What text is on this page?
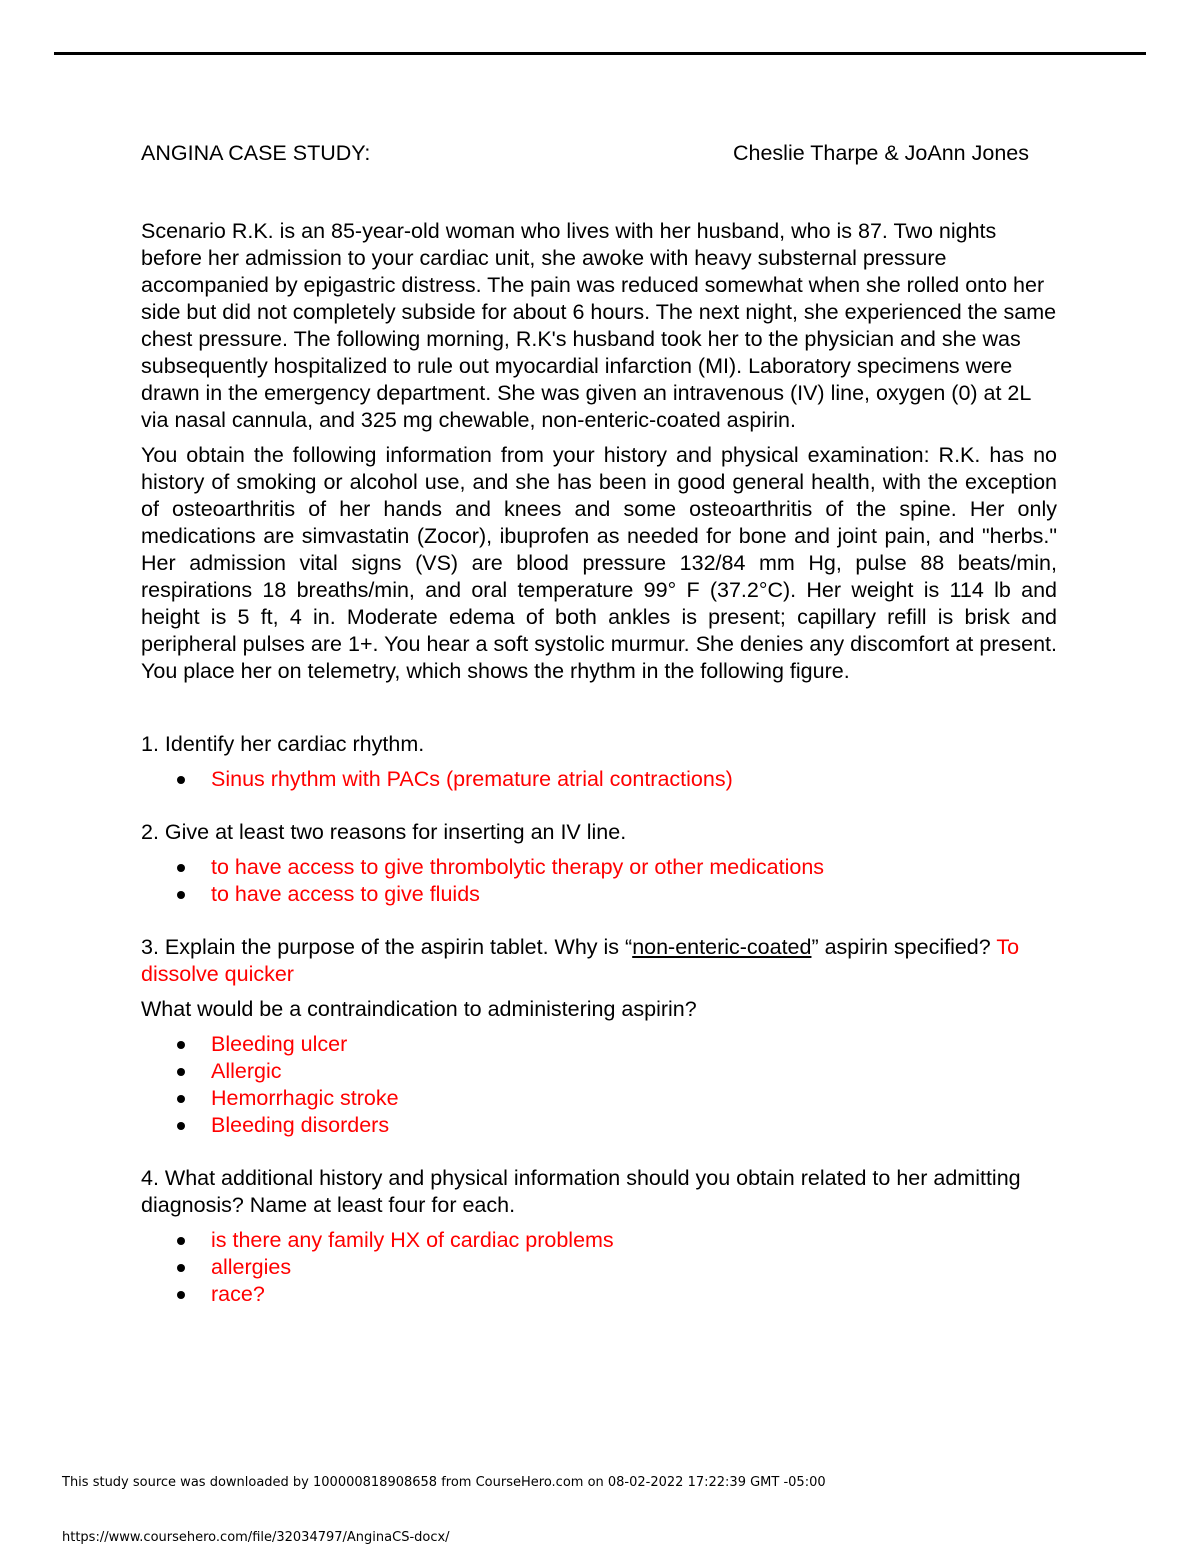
ANGINA CASE STUDY:	Cheslie Tharpe & JoAnn Jones

Scenario R.K. is an 85-year-old woman who lives with her husband, who is 87. Two nights before her admission to your cardiac unit, she awoke with heavy substernal pressure accompanied by epigastric distress. The pain was reduced somewhat when she rolled onto her side but did not completely subside for about 6 hours. The next night, she experienced the same chest pressure. The following morning, R.K's husband took her to the physician and she was subsequently hospitalized to rule out myocardial infarction (MI). Laboratory specimens were drawn in the emergency department. She was given an intravenous (IV) line, oxygen (0) at 2L via nasal cannula, and 325 mg chewable, non-enteric-coated aspirin.

You obtain the following information from your history and physical examination: R.K. has no history of smoking or alcohol use, and she has been in good general health, with the exception of osteoarthritis of her hands and knees and some osteoarthritis of the spine. Her only medications are simvastatin (Zocor), ibuprofen as needed for bone and joint pain, and "herbs." Her admission vital signs (VS) are blood pressure 132/84 mm Hg, pulse 88 beats/min, respirations 18 breaths/min, and oral temperature 99° F (37.2°C). Her weight is 114 lb and height is 5 ft, 4 in. Moderate edema of both ankles is present; capillary refill is brisk and peripheral pulses are 1+. You hear a soft systolic murmur. She denies any discomfort at present. You place her on telemetry, which shows the rhythm in the following figure.

1. Identify her cardiac rhythm.

Sinus rhythm with PACs (premature atrial contractions)

2. Give at least two reasons for inserting an IV line.

to have access to give thrombolytic therapy or other medications
to have access to give fluids

3. Explain the purpose of the aspirin tablet. Why is “non-enteric-coated” aspirin specified? To dissolve quicker

What would be a contraindication to administering aspirin?

Bleeding ulcer
Allergic
Hemorrhagic stroke
Bleeding disorders

4. What additional history and physical information should you obtain related to her admitting diagnosis? Name at least four for each.

is there any family HX of cardiac problems
allergies
race?
This study source was downloaded by 100000818908658 from CourseHero.com on 08-02-2022 17:22:39 GMT -05:00
https://www.coursehero.com/file/32034797/AnginaCS-docx/
